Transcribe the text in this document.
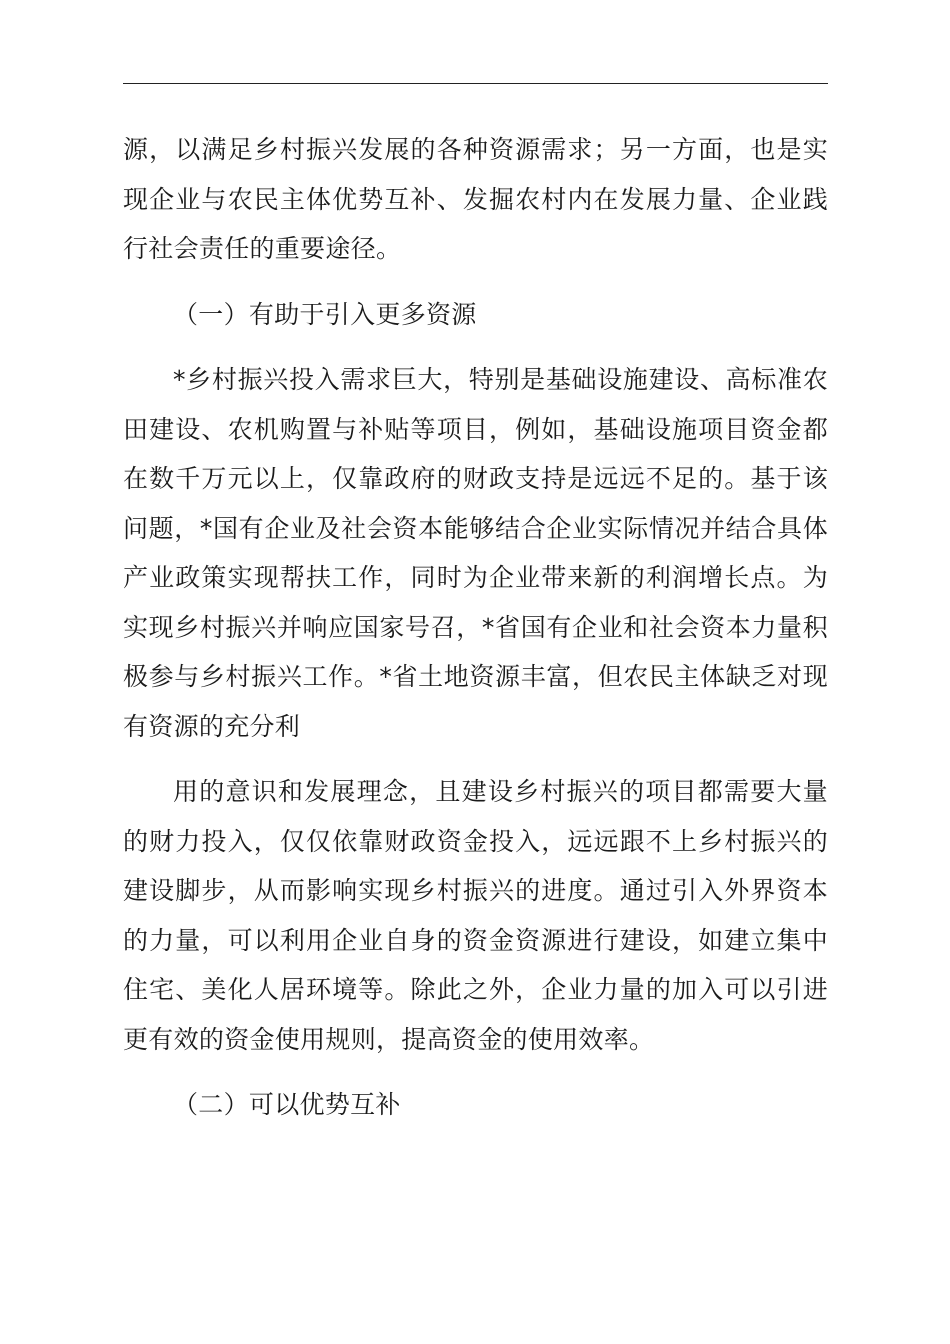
源，以满足乡村振兴发展的各种资源需求；另一方面，也是实现企业与农民主体优势互补、发掘农村内在发展力量、企业践行社会责任的重要途径。

（一）有助于引入更多资源

*乡村振兴投入需求巨大，特别是基础设施建设、高标准农田建设、农机购置与补贴等项目，例如，基础设施项目资金都在数千万元以上，仅靠政府的财政支持是远远不足的。基于该问题，*国有企业及社会资本能够结合企业实际情况并结合具体产业政策实现帮扶工作，同时为企业带来新的利润增长点。为实现乡村振兴并响应国家号召，*省国有企业和社会资本力量积极参与乡村振兴工作。*省土地资源丰富，但农民主体缺乏对现有资源的充分利

用的意识和发展理念，且建设乡村振兴的项目都需要大量的财力投入，仅仅依靠财政资金投入，远远跟不上乡村振兴的建设脚步，从而影响实现乡村振兴的进度。通过引入外界资本的力量，可以利用企业自身的资金资源进行建设，如建立集中住宅、美化人居环境等。除此之外，企业力量的加入可以引进更有效的资金使用规则，提高资金的使用效率。

（二）可以优势互补
